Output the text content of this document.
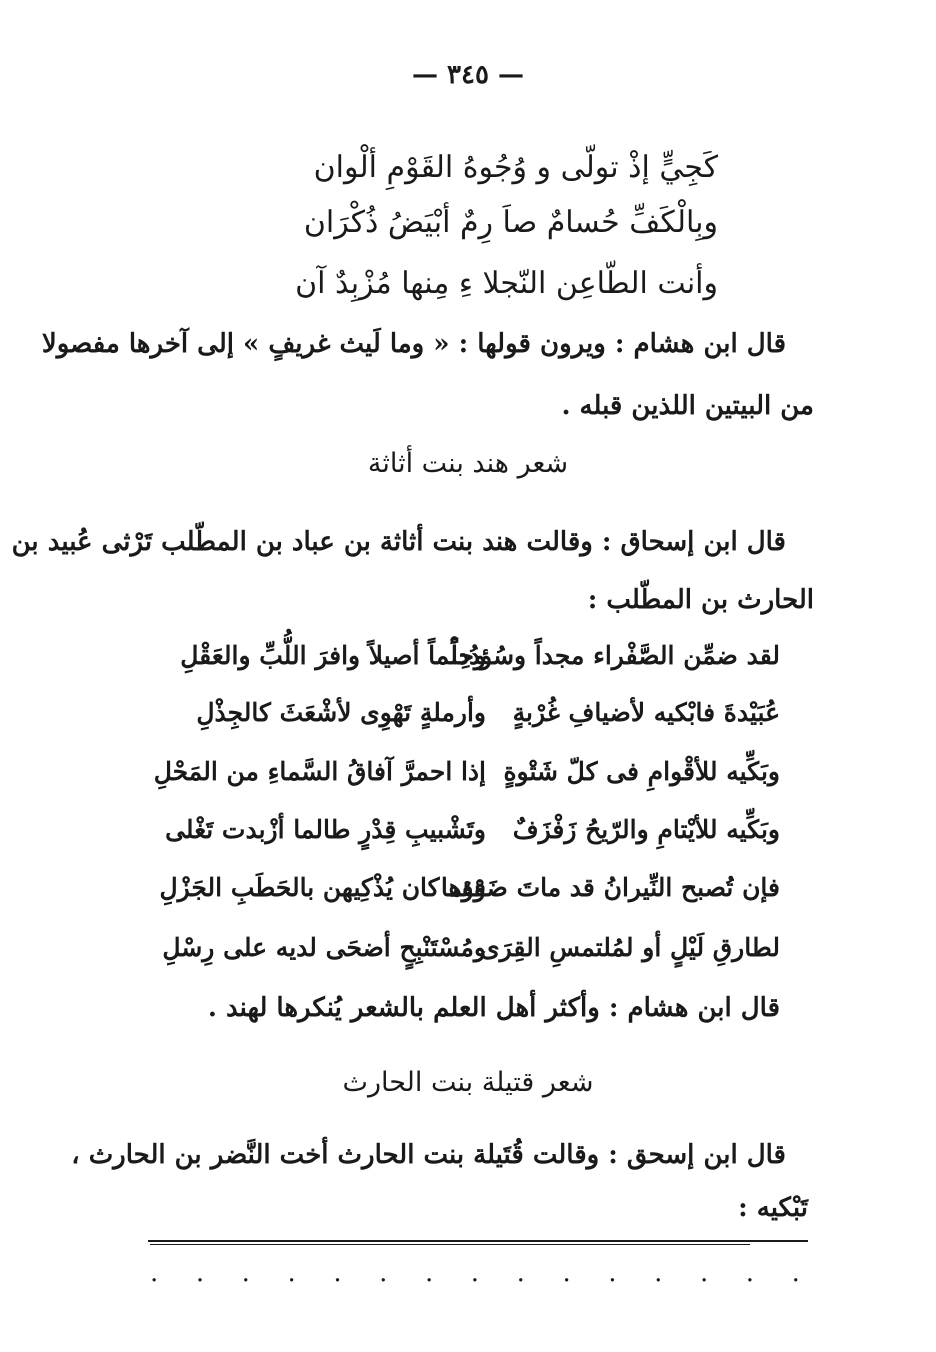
— ٣٤٥ —
كَجِيٍّ إذْ تولّى و وُجُوهُ القَوْمِ ألْوان
وبِالْكَفِّ حُسامٌ صاَ رِمٌ أبْيَضُ ذُكْرَان
وأنت الطّاعِن النّجلا ءِ مِنها مُزْبِدٌ آن
قال ابن هشام : ويرون قولها : « وما لَيث غريفٍ » إلى آخرها مفصولا
من البيتين اللذين قبله .
شعر هند بنت أثاثة
قال ابن إسحاق : وقالت هند بنت أثاثة بن عباد بن المطّلب تَرْثى عُبيد بن
الحارث بن المطّلب :
لقد ضمِّن الصَّفْراء مجداً وسُؤدُداً
وحِلْماً أصيلاً وافرَ اللُّبِّ والعَقْلِ
عُبَيْدةَ فابْكيه لأضيافِ غُرْبةٍ
وأرملةٍ تَهْوِى لأشْعَثَ كالجِذْلِ
وبَكِّيه للأقْوامِ فى كلّ شَتْوةٍ
إذا احمرَّ آفاقُ السَّماءِ من المَحْلِ
وبَكِّيه للأيْتامِ والرّيحُ زَفْزَفٌ
وتَشْبيبِ قِدْرٍ طالما أزْبدت تَغْلى
فإن تُصبح النِّيرانُ قد ماتَ ضَوْؤها
فقد كان يُذْكِيهن بالحَطَبِ الجَزْلِ
لطارقِ لَيْلٍ أو لمُلتمسِ القِرَى
ومُسْتَنْبِحٍ أضحَى لديه على رِسْلِ
قال ابن هشام : وأكثر أهل العلم بالشعر يُنكرها لهند .
شعر قتيلة بنت الحارث
قال ابن إسحق : وقالت قُتَيلة بنت الحارث أخت النَّضر بن الحارث ،
تَبْكيه :
. . . . . . . . . . . . . . .
